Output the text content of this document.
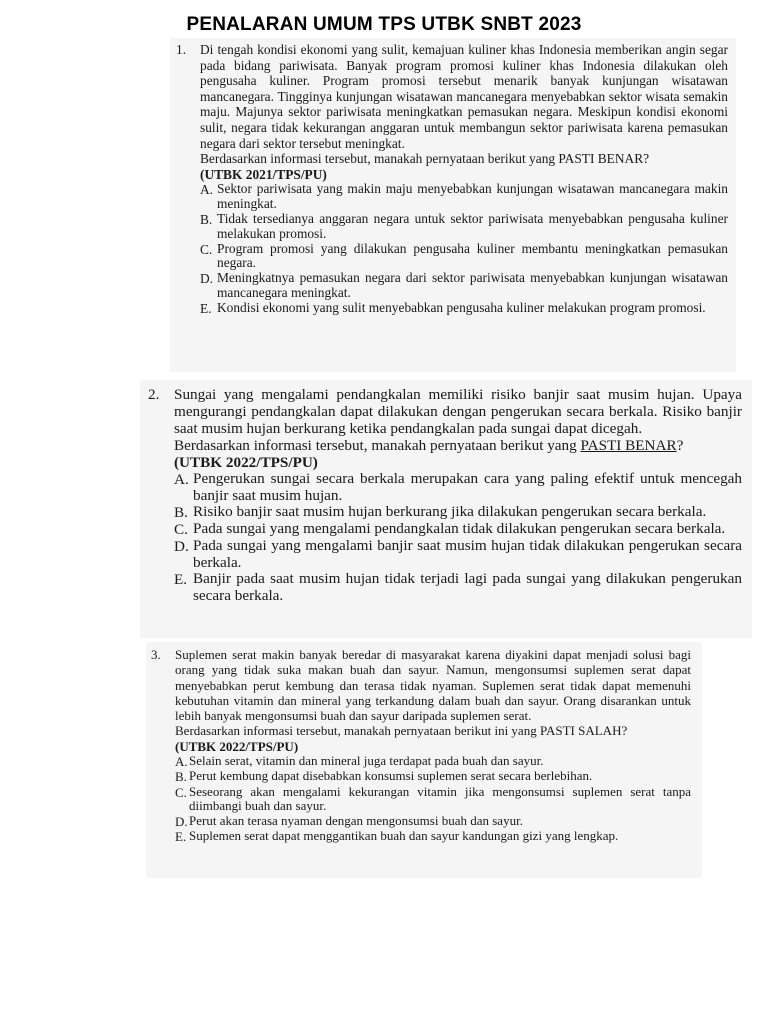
PENALARAN UMUM TPS UTBK SNBT 2023
1.	Di tengah kondisi ekonomi yang sulit, kemajuan kuliner khas Indonesia memberikan angin segar pada bidang pariwisata. Banyak program promosi kuliner khas Indonesia dilakukan oleh pengusaha kuliner. Program promosi tersebut menarik banyak kunjungan wisatawan mancanegara. Tingginya kunjungan wisatawan mancanegara menyebabkan sektor wisata semakin maju. Majunya sektor pariwisata meningkatkan pemasukan negara. Meskipun kondisi ekonomi sulit, negara tidak kekurangan anggaran untuk membangun sektor pariwisata karena pemasukan negara dari sektor tersebut meningkat.

Berdasarkan informasi tersebut, manakah pernyataan berikut yang PASTI BENAR?

(UTBK 2021/TPS/PU)

A. Sektor pariwisata yang makin maju menyebabkan kunjungan wisatawan mancanegara makin meningkat.
B. Tidak tersedianya anggaran negara untuk sektor pariwisata menyebabkan pengusaha kuliner melakukan promosi.
C. Program promosi yang dilakukan pengusaha kuliner membantu meningkatkan pemasukan negara.
D. Meningkatnya pemasukan negara dari sektor pariwisata menyebabkan kunjungan wisatawan mancanegara meningkat.
E. Kondisi ekonomi yang sulit menyebabkan pengusaha kuliner melakukan program promosi.
2. Sungai yang mengalami pendangkalan memiliki risiko banjir saat musim hujan. Upaya mengurangi pendangkalan dapat dilakukan dengan pengerukan secara berkala. Risiko banjir saat musim hujan berkurang ketika pendangkalan pada sungai dapat dicegah.

Berdasarkan informasi tersebut, manakah pernyataan berikut yang PASTI BENAR?

(UTBK 2022/TPS/PU)

A. Pengerukan sungai secara berkala merupakan cara yang paling efektif untuk mencegah banjir saat musim hujan.
B. Risiko banjir saat musim hujan berkurang jika dilakukan pengerukan secara berkala.
C. Pada sungai yang mengalami pendangkalan tidak dilakukan pengerukan secara berkala.
D. Pada sungai yang mengalami banjir saat musim hujan tidak dilakukan pengerukan secara berkala.
E. Banjir pada saat musim hujan tidak terjadi lagi pada sungai yang dilakukan pengerukan secara berkala.
3.	Suplemen serat makin banyak beredar di masyarakat karena diyakini dapat menjadi solusi bagi orang yang tidak suka makan buah dan sayur. Namun, mengonsumsi suplemen serat dapat menyebabkan perut kembung dan terasa tidak nyaman. Suplemen serat tidak dapat memenuhi kebutuhan vitamin dan mineral yang terkandung dalam buah dan sayur. Orang disarankan untuk lebih banyak mengonsumsi buah dan sayur daripada suplemen serat.

Berdasarkan informasi tersebut, manakah pernyataan berikut ini yang PASTI SALAH?

(UTBK 2022/TPS/PU)

A. Selain serat, vitamin dan mineral juga terdapat pada buah dan sayur.
B. Perut kembung dapat disebabkan konsumsi suplemen serat secara berlebihan.
C. Seseorang akan mengalami kekurangan vitamin jika mengonsumsi suplemen serat tanpa diimbangi buah dan sayur.
D. Perut akan terasa nyaman dengan mengonsumsi buah dan sayur.
E. Suplemen serat dapat menggantikan buah dan sayur kandungan gizi yang lengkap.
